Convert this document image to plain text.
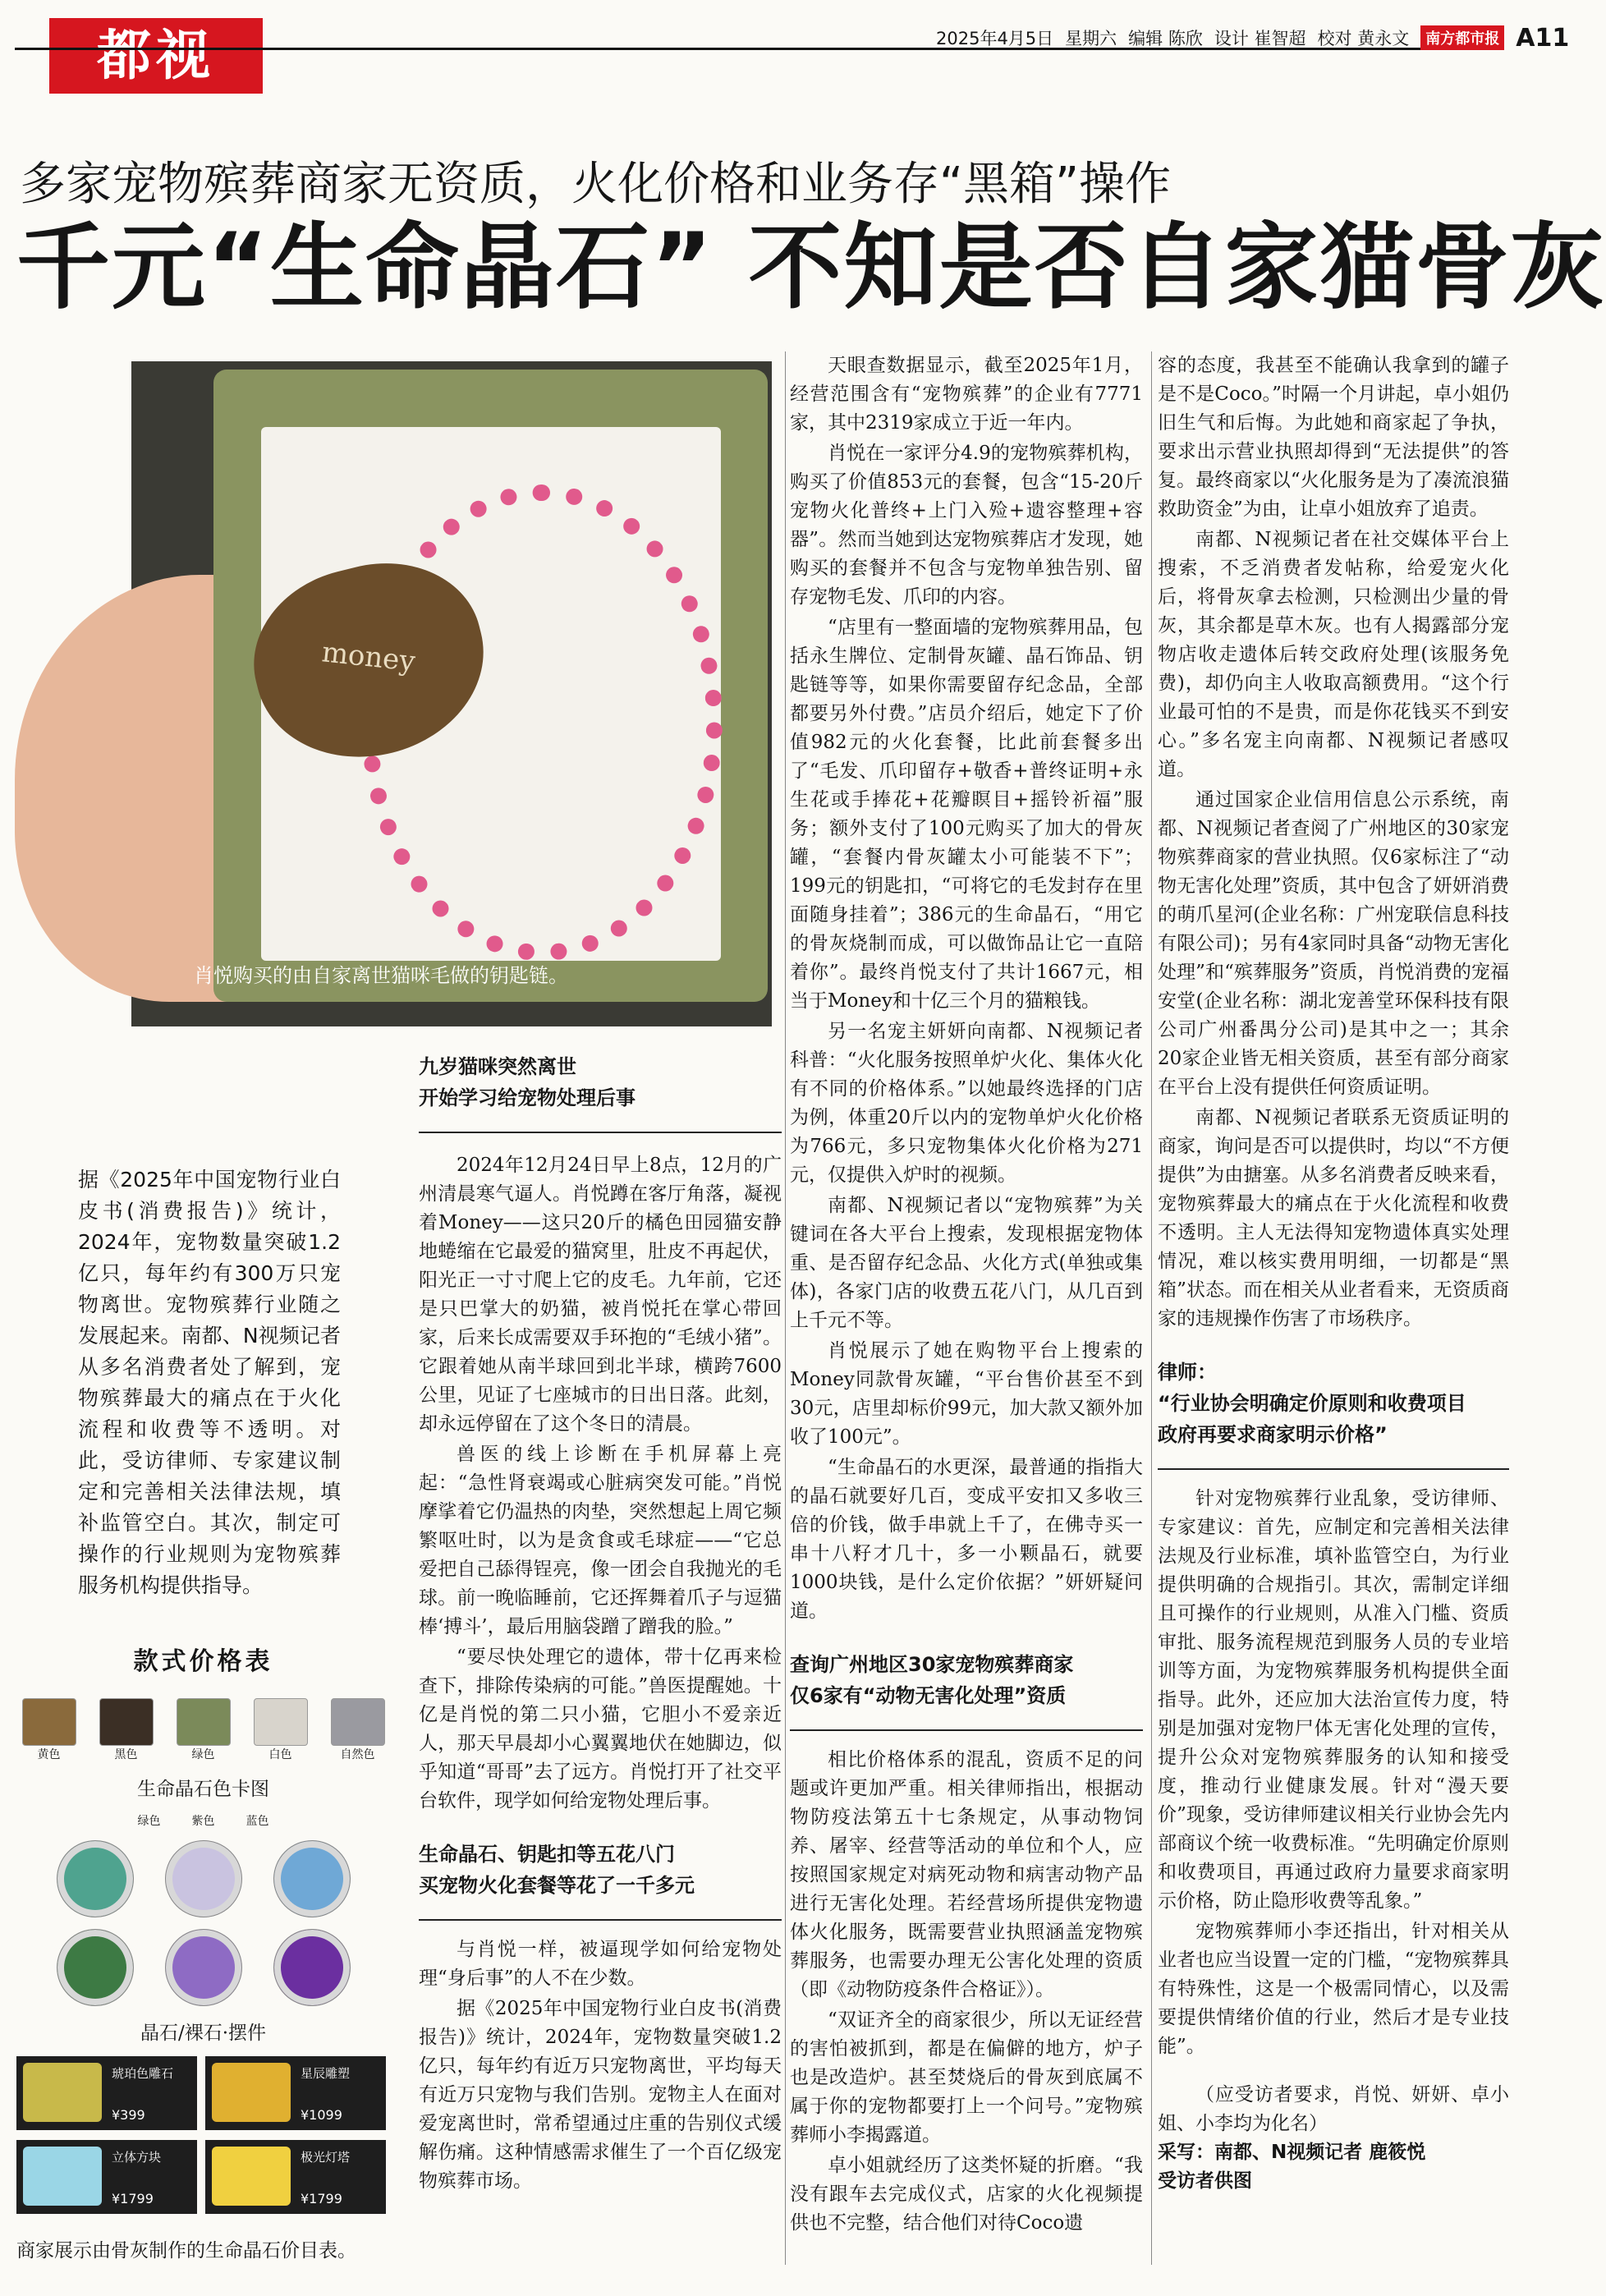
都视	2025年4月5日 星期六 编辑 陈欣 设计 崔智超 校对 黄永文	南方都市报 A11
多家宠物殡葬商家无资质，火化价格和业务存“黑箱”操作
千元“生命晶石” 不知是否自家猫骨灰
money
肖悦购买的由自家离世猫咪毛做的钥匙链。
据《2025年中国宠物行业白皮书(消费报告)》统计，2024年，宠物数量突破1.2亿只，每年约有300万只宠物离世。宠物殡葬行业随之发展起来。南都、N视频记者从多名消费者处了解到，宠物殡葬最大的痛点在于火化流程和收费等不透明。对此，受访律师、专家建议制定和完善相关法律法规，填补监管空白。其次，制定可操作的行业规则为宠物殡葬服务机构提供指导。
款式价格表
黄色	黑色	绿色	白色	自然色
生命晶石色卡图
绿色	紫色	蓝色
晶石/裸石·摆件
琥珀色雕石
¥399
星辰雕塑
¥1099
立体方块
¥1799
极光灯塔
¥1799
商家展示由骨灰制作的生命晶石价目表。
九岁猫咪突然离世
开始学习给宠物处理后事

2024年12月24日早上8点，12月的广州清晨寒气逼人。肖悦蹲在客厅角落，凝视着Money——这只20斤的橘色田园猫安静地蜷缩在它最爱的猫窝里，肚皮不再起伏，阳光正一寸寸爬上它的皮毛。九年前，它还是只巴掌大的奶猫，被肖悦托在掌心带回家，后来长成需要双手环抱的“毛绒小猪”。它跟着她从南半球回到北半球，横跨7600公里，见证了七座城市的日出日落。此刻，却永远停留在了这个冬日的清晨。

兽医的线上诊断在手机屏幕上亮起：“急性肾衰竭或心脏病突发可能。”肖悦摩挲着它仍温热的肉垫，突然想起上周它频繁呕吐时，以为是贪食或毛球症——“它总爱把自己舔得锃亮，像一团会自我抛光的毛球。前一晚临睡前，它还挥舞着爪子与逗猫棒‘搏斗’，最后用脑袋蹭了蹭我的脸。”

“要尽快处理它的遗体，带十亿再来检查下，排除传染病的可能。”兽医提醒她。十亿是肖悦的第二只小猫，它胆小不爱亲近人，那天早晨却小心翼翼地伏在她脚边，似乎知道“哥哥”去了远方。肖悦打开了社交平台软件，现学如何给宠物处理后事。

生命晶石、钥匙扣等五花八门
买宠物火化套餐等花了一千多元

与肖悦一样，被逼现学如何给宠物处理“身后事”的人不在少数。

据《2025年中国宠物行业白皮书(消费报告)》统计，2024年，宠物数量突破1.2亿只，每年约有近万只宠物离世，平均每天有近万只宠物与我们告别。宠物主人在面对爱宠离世时，常希望通过庄重的告别仪式缓解伤痛。这种情感需求催生了一个百亿级宠物殡葬市场。

天眼查数据显示，截至2025年1月，经营范围含有“宠物殡葬”的企业有7771家，其中2319家成立于近一年内。

肖悦在一家评分4.9的宠物殡葬机构，购买了价值853元的套餐，包含“15-20斤宠物火化普终+上门入殓+遗容整理+容器”。然而当她到达宠物殡葬店才发现，她购买的套餐并不包含与宠物单独告别、留存宠物毛发、爪印的内容。

“店里有一整面墙的宠物殡葬用品，包括永生牌位、定制骨灰罐、晶石饰品、钥匙链等等，如果你需要留存纪念品，全部都要另外付费。”店员介绍后，她定下了价值982元的火化套餐，比此前套餐多出了“毛发、爪印留存+敬香+普终证明+永生花或手捧花+花瓣瞑目+摇铃祈福”服务；额外支付了100元购买了加大的骨灰罐，“套餐内骨灰罐太小可能装不下”；199元的钥匙扣，“可将它的毛发封存在里面随身挂着”；386元的生命晶石，“用它的骨灰烧制而成，可以做饰品让它一直陪着你”。最终肖悦支付了共计1667元，相当于Money和十亿三个月的猫粮钱。

另一名宠主妍妍向南都、N视频记者科普：“火化服务按照单炉火化、集体火化有不同的价格体系。”以她最终选择的门店为例，体重20斤以内的宠物单炉火化价格为766元，多只宠物集体火化价格为271元，仅提供入炉时的视频。

南都、N视频记者以“宠物殡葬”为关键词在各大平台上搜索，发现根据宠物体重、是否留存纪念品、火化方式(单独或集体)，各家门店的收费五花八门，从几百到上千元不等。

肖悦展示了她在购物平台上搜索的Money同款骨灰罐，“平台售价甚至不到30元，店里却标价99元，加大款又额外加收了100元”。

“生命晶石的水更深，最普通的指指大的晶石就要好几百，变成平安扣又多收三倍的价钱，做手串就上千了，在佛寺买一串十八籽才几十，多一小颗晶石，就要1000块钱，是什么定价依据？”妍妍疑问道。

查询广州地区30家宠物殡葬商家
仅6家有“动物无害化处理”资质

相比价格体系的混乱，资质不足的问题或许更加严重。相关律师指出，根据动物防疫法第五十七条规定，从事动物饲养、屠宰、经营等活动的单位和个人，应按照国家规定对病死动物和病害动物产品进行无害化处理。若经营场所提供宠物遗体火化服务，既需要营业执照涵盖宠物殡葬服务，也需要办理无公害化处理的资质（即《动物防疫条件合格证》）。

“双证齐全的商家很少，所以无证经营的害怕被抓到，都是在偏僻的地方，炉子也是改造炉。甚至焚烧后的骨灰到底属不属于你的宠物都要打上一个问号。”宠物殡葬师小李揭露道。

卓小姐就经历了这类怀疑的折磨。“我没有跟车去完成仪式，店家的火化视频提供也不完整，结合他们对待Coco遗

容的态度，我甚至不能确认我拿到的罐子是不是Coco。”时隔一个月讲起，卓小姐仍旧生气和后悔。为此她和商家起了争执，要求出示营业执照却得到“无法提供”的答复。最终商家以“火化服务是为了凑流浪猫救助资金”为由，让卓小姐放弃了追责。

南都、N视频记者在社交媒体平台上搜索，不乏消费者发帖称，给爱宠火化后，将骨灰拿去检测，只检测出少量的骨灰，其余都是草木灰。也有人揭露部分宠物店收走遗体后转交政府处理(该服务免费)，却仍向主人收取高额费用。“这个行业最可怕的不是贵，而是你花钱买不到安心。”多名宠主向南都、N视频记者感叹道。

通过国家企业信用信息公示系统，南都、N视频记者查阅了广州地区的30家宠物殡葬商家的营业执照。仅6家标注了“动物无害化处理”资质，其中包含了妍妍消费的萌爪星河(企业名称：广州宠联信息科技有限公司)；另有4家同时具备“动物无害化处理”和“殡葬服务”资质，肖悦消费的宠福安堂(企业名称：湖北宠善堂环保科技有限公司广州番禺分公司)是其中之一；其余20家企业皆无相关资质，甚至有部分商家在平台上没有提供任何资质证明。

南都、N视频记者联系无资质证明的商家，询问是否可以提供时，均以“不方便提供”为由搪塞。从多名消费者反映来看，宠物殡葬最大的痛点在于火化流程和收费不透明。主人无法得知宠物遗体真实处理情况，难以核实费用明细，一切都是“黑箱”状态。而在相关从业者看来，无资质商家的违规操作伤害了市场秩序。

律师：
“行业协会明确定价原则和收费项目
政府再要求商家明示价格”

针对宠物殡葬行业乱象，受访律师、专家建议：首先，应制定和完善相关法律法规及行业标准，填补监管空白，为行业提供明确的合规指引。其次，需制定详细且可操作的行业规则，从准入门槛、资质审批、服务流程规范到服务人员的专业培训等方面，为宠物殡葬服务机构提供全面指导。此外，还应加大法治宣传力度，特别是加强对宠物尸体无害化处理的宣传，提升公众对宠物殡葬服务的认知和接受度，推动行业健康发展。针对“漫天要价”现象，受访律师建议相关行业协会先内部商议个统一收费标准。“先明确定价原则和收费项目，再通过政府力量要求商家明示价格，防止隐形收费等乱象。”

宠物殡葬师小李还指出，针对相关从业者也应当设置一定的门槛，“宠物殡葬具有特殊性，这是一个极需同情心，以及需要提供情绪价值的行业，然后才是专业技能”。

（应受访者要求，肖悦、妍妍、卓小姐、小李均为化名）
采写：南都、N视频记者 鹿筱悦
受访者供图
